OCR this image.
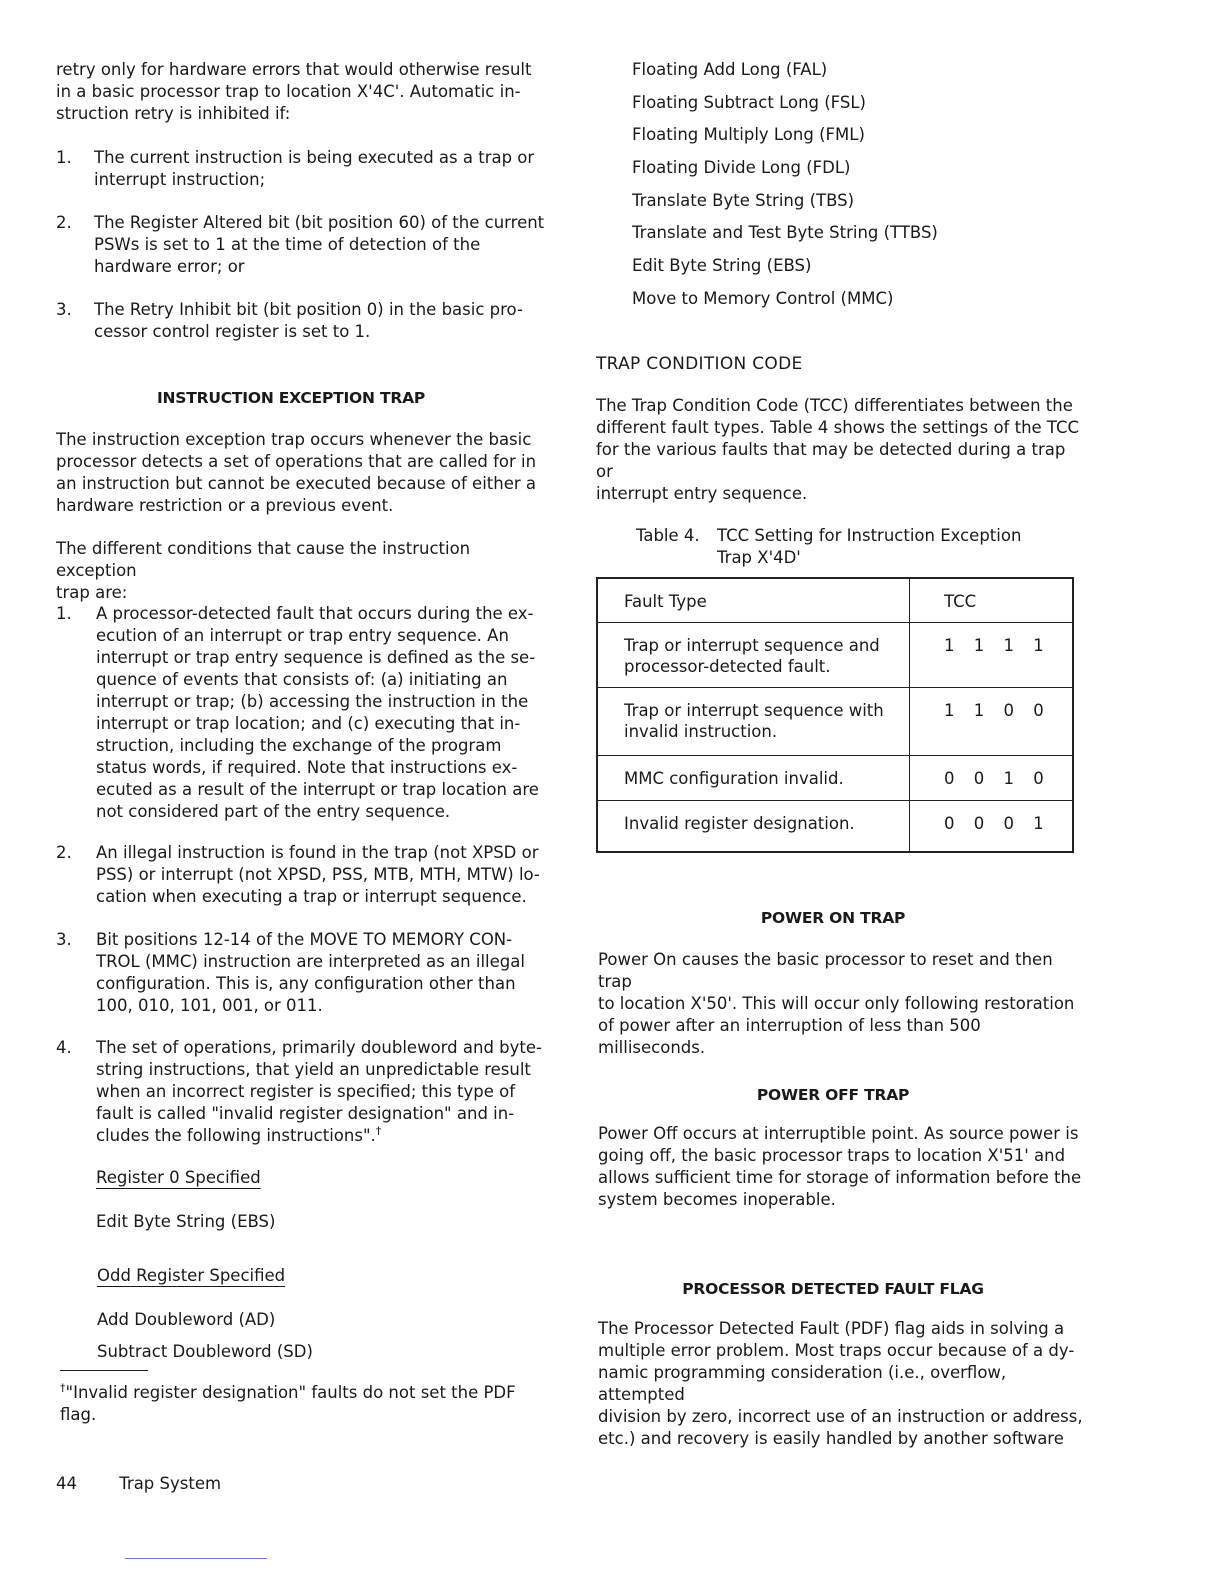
retry only for hardware errors that would otherwise result

in a basic processor trap to location X'4C'. Automatic in-

struction retry is inhibited if:

1.	The current instruction is being executed as a trap or

interrupt instruction;

2.	The Register Altered bit (bit position 60) of the current

PSWs is set to 1 at the time of detection of the

hardware error; or

3.	The Retry Inhibit bit (bit position 0) in the basic pro-

cessor control register is set to 1.

INSTRUCTION EXCEPTION TRAP

The instruction exception trap occurs whenever the basic

processor detects a set of operations that are called for in

an instruction but cannot be executed because of either a

hardware restriction or a previous event.

The different conditions that cause the instruction exception

trap are:

1.	A processor-detected fault that occurs during the ex-

ecution of an interrupt or trap entry sequence. An

interrupt or trap entry sequence is defined as the se-

quence of events that consists of: (a) initiating an

interrupt or trap; (b) accessing the instruction in the

interrupt or trap location; and (c) executing that in-

struction, including the exchange of the program

status words, if required. Note that instructions ex-

ecuted as a result of the interrupt or trap location are

not considered part of the entry sequence.

2.	An illegal instruction is found in the trap (not XPSD or

PSS) or interrupt (not XPSD, PSS, MTB, MTH, MTW) lo-

cation when executing a trap or interrupt sequence.

3.	Bit positions 12-14 of the MOVE TO MEMORY CON-

TROL (MMC) instruction are interpreted as an illegal

configuration. This is, any configuration other than

100, 010, 101, 001, or 011.

4.	The set of operations, primarily doubleword and byte-

string instructions, that yield an unpredictable result

when an incorrect register is specified; this type of

fault is called "invalid register designation" and in-

cludes the following instructions".†

Register 0 Specified

Edit Byte String (EBS)

Odd Register Specified

Add Doubleword (AD)

Subtract Doubleword (SD)

†"Invalid register designation" faults do not set the PDF

flag.

Floating Add Long (FAL)

Floating Subtract Long (FSL)

Floating Multiply Long (FML)

Floating Divide Long (FDL)

Translate Byte String (TBS)

Translate and Test Byte String (TTBS)

Edit Byte String (EBS)

Move to Memory Control (MMC)

TRAP CONDITION CODE

The Trap Condition Code (TCC) differentiates between the

different fault types. Table 4 shows the settings of the TCC

for the various faults that may be detected during a trap or

interrupt entry sequence.

Table 4. TCC Setting for Instruction Exception

Trap X'4D'

Fault Type	TCC

Trap or interrupt sequence and

processor-detected fault.	1 1 1 1

Trap or interrupt sequence with

invalid instruction.	1 1 0 0

MMC configuration invalid.	0 0 1 0

Invalid register designation.	0 0 0 1
POWER ON TRAP

Power On causes the basic processor to reset and then trap

to location X'50'. This will occur only following restoration

of power after an interruption of less than 500 milliseconds.

POWER OFF TRAP

Power Off occurs at interruptible point. As source power is

going off, the basic processor traps to location X'51' and

allows sufficient time for storage of information before the

system becomes inoperable.

PROCESSOR DETECTED FAULT FLAG

The Processor Detected Fault (PDF) flag aids in solving a

multiple error problem. Most traps occur because of a dy-

namic programming consideration (i.e., overflow, attempted

division by zero, incorrect use of an instruction or address,

etc.) and recovery is easily handled by another software

44	Trap System
